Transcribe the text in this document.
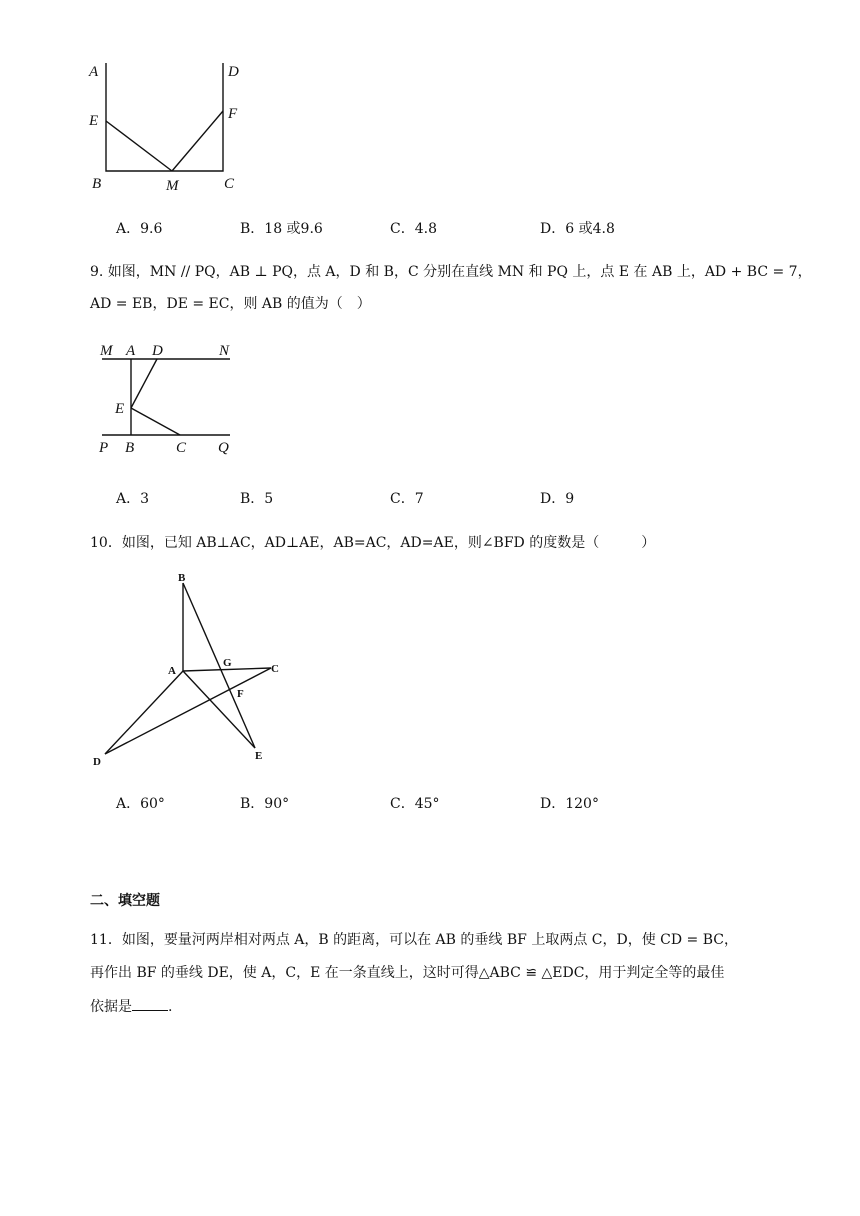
A	D
E	F
B	M	C
A．9.6	B．18 或9.6	C．4.8	D．6 或4.8
9. 如图，MN // PQ，AB ⊥ PQ，点 A，D 和 B，C 分别在直线 MN 和 PQ 上，点 E 在 AB 上，AD + BC = 7，
AD = EB，DE = EC，则 AB 的值为（　）
M A D	N
E
P B	C Q
A．3	B．5	C．7	D．9
10．如图，已知 AB⊥AC，AD⊥AE，AB=AC，AD=AE，则∠BFD 的度数是（　　　）
B
A
G	C
F
D	E
A．60°	B．90°	C．45°	D．120°
二、填空题
11．如图，要量河两岸相对两点 A，B 的距离，可以在 AB 的垂线 BF 上取两点 C，D，使 CD = BC，
再作出 BF 的垂线 DE，使 A，C，E 在一条直线上，这时可得△ABC ≌ △EDC，用于判定全等的最佳
依据是	.
